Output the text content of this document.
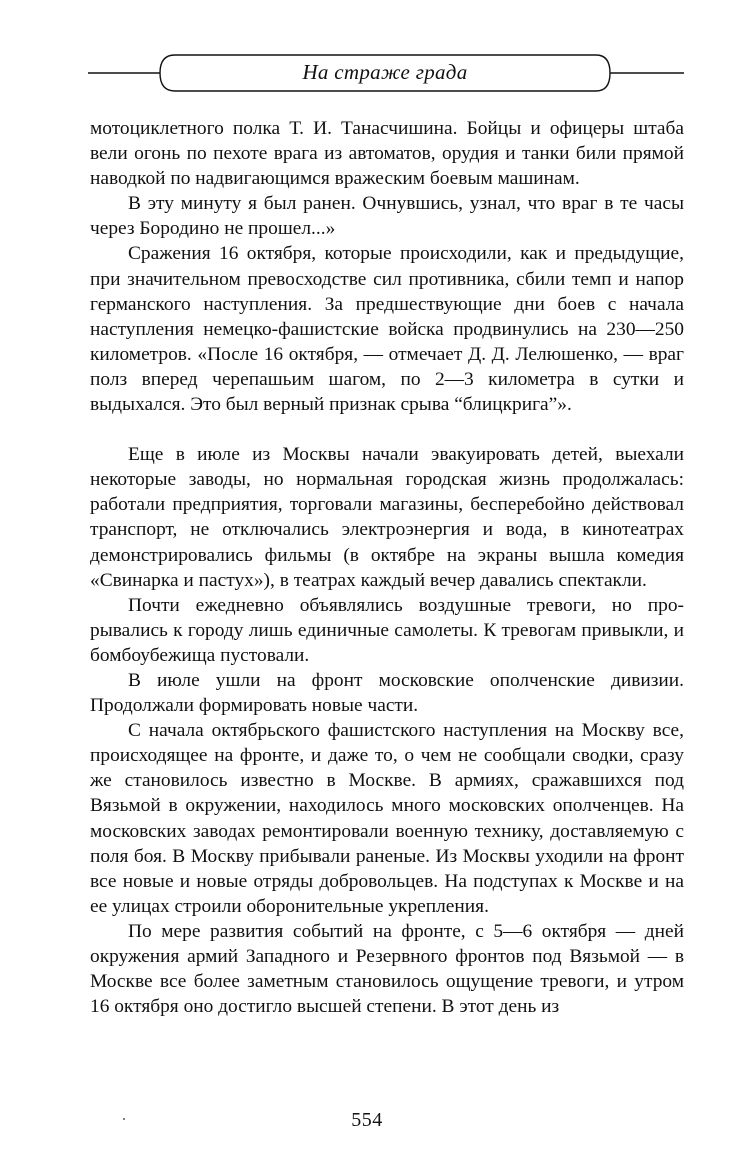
На страже града

мотоциклетного полка Т. И. Танасчишина. Бойцы и офицеры штаба вели огонь по пехоте врага из автоматов, орудия и танки били прямой наводкой по надвигающимся вражеским боевым машинам.

В эту минуту я был ранен. Очнувшись, узнал, что враг в те часы через Бородино не прошел...»

Сражения 16 октября, которые происходили, как и предыдущие, при значительном превосходстве сил противника, сбили темп и напор германского наступления. За предшествующие дни боев с начала наступления немецко-фашистские войска продвинулись на 230—250 километров. «После 16 октября, — отмечает Д. Д. Лелюшенко, — враг полз вперед черепашьим шагом, по 2—3 километра в сутки и выдыхался. Это был верный признак срыва “блицкрига”».

Еще в июле из Москвы начали эвакуировать детей, выехали некоторые заводы, но нормальная городская жизнь продолжалась: работали предприятия, торговали магазины, бесперебойно действовал транспорт, не отключались электроэнергия и вода, в кинотеатрах демонстрировались фильмы (в октябре на экраны вышла комедия «Свинарка и пастух»), в театрах каждый вечер давались спектакли.

Почти ежедневно объявлялись воздушные тревоги, но прорывались к городу лишь единичные самолеты. К тревогам привыкли, и бомбоубежища пустовали.

В июле ушли на фронт московские ополченские дивизии. Продолжали формировать новые части.

С начала октябрьского фашистского наступления на Москву все, происходящее на фронте, и даже то, о чем не сообщали сводки, сразу же становилось известно в Москве. В армиях, сражавшихся под Вязьмой в окружении, находилось много московских ополченцев. На московских заводах ремонтировали военную технику, доставляемую с поля боя. В Москву прибывали раненые. Из Москвы уходили на фронт все новые и новые отряды добровольцев. На подступах к Москве и на ее улицах строили оборонительные укрепления.

По мере развития событий на фронте, с 5—6 октября — дней окружения армий Западного и Резервного фронтов под Вязьмой — в Москве все более заметным становилось ощущение тревоги, и утром 16 октября оно достигло высшей степени. В этот день из

554
